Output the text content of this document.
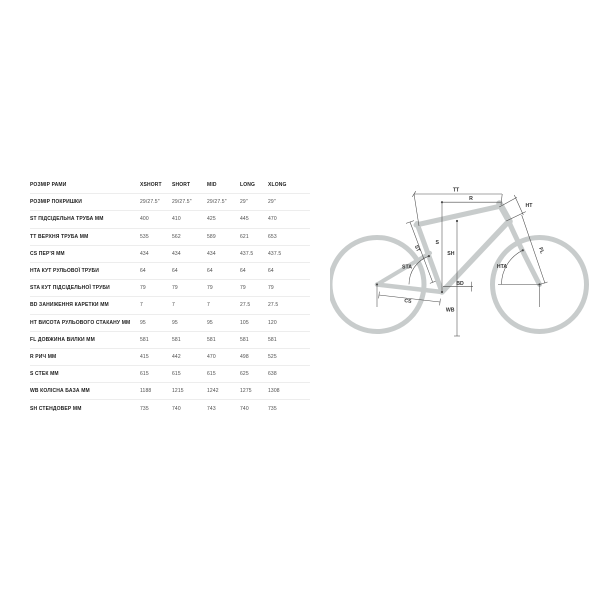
РОЗМІР РАМИ	XSHORT	SHORT	MID	LONG	XLONG
РОЗМІР ПОКРИШКИ	29/27.5"	29/27.5"	29/27.5"	29"	29"
ST ПІДСІДЕЛЬНА ТРУБА ММ	400	410	425	445	470
TT ВЕРХНЯ ТРУБА ММ	535	562	589	621	653
CS ПЕР'Я ММ	434	434	434	437.5	437.5
HTA КУТ РУЛЬОВОЇ ТРУБИ	64	64	64	64	64
STA КУТ ПІДСІДЕЛЬНОЇ ТРУБИ	79	79	79	79	79
BD ЗАНИЖЕННЯ КАРЕТКИ ММ	7	7	7	27.5	27.5
HT ВИСОТА РУЛЬОВОГО СТАКАНУ ММ	95	95	95	105	120
FL ДОВЖИНА ВИЛКИ ММ	581	581	581	581	581
R РИЧ ММ	415	442	470	498	525
S СТЕК ММ	615	615	615	625	638
WB КОЛІСНА БАЗА ММ	1188	1215	1242	1275	1308
SH СТЕНДОВЕР ММ	735	740	743	740	735
TT
R
HT
S
SH
ST
STA	HTA
FL
BD
CS
WB
